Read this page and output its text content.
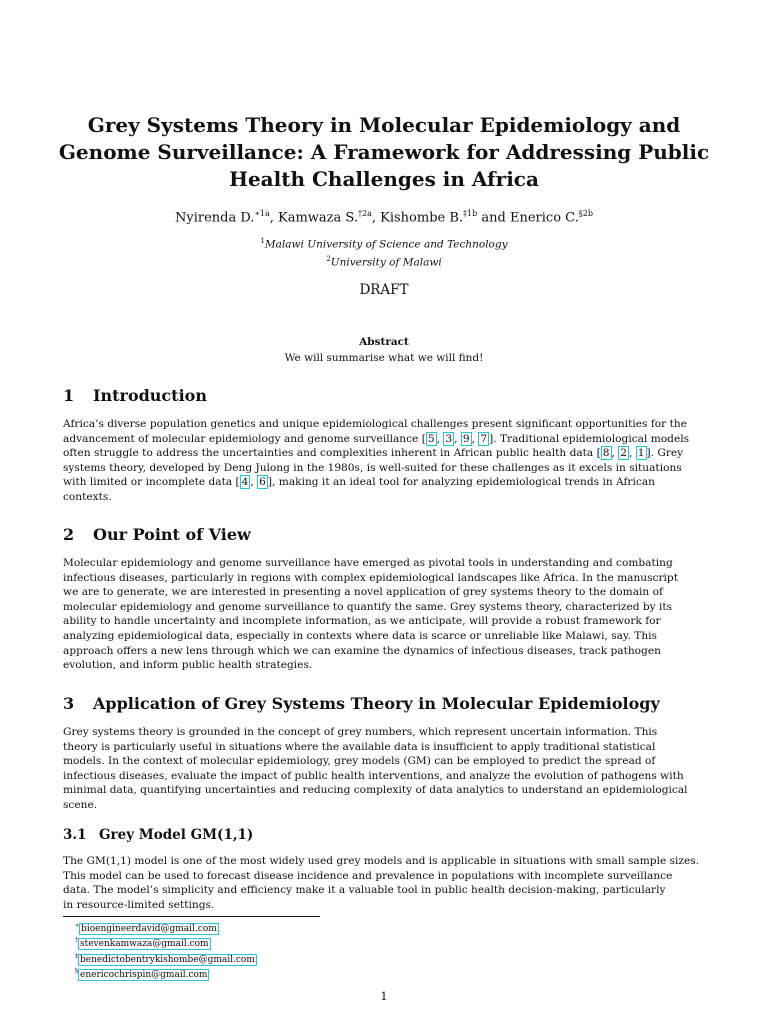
Grey Systems Theory in Molecular Epidemiology and
Genome Surveillance: A Framework for Addressing Public
Health Challenges in Africa
Nyirenda D.$^{∗1a}$, Kamwaza S.$^{\dagger 2a}$, Kishombe B.$^{\ddagger 1b}$ and Enerico C.$^{\S 2b}$
$^1$Malawi University of Science and Technology
$^2$University of Malawi
DRAFT
Abstract
We will summarise what we will find!
1 Introduction
Africa’s diverse population genetics and unique epidemiological challenges present significant opportunities for the
advancement of molecular epidemiology and genome surveillance [ 5 , 3 , 9 , 7 ]. Traditional epidemiological models
often struggle to address the uncertainties and complexities inherent in African public health data [ 8 , 2 , 1 ]. Grey
systems theory, developed by Deng Julong in the 1980s, is well-suited for these challenges as it excels in situations
with limited or incomplete data [ 4 , 6 ], making it an ideal tool for analyzing epidemiological trends in African
contexts.
2 Our Point of View
Molecular epidemiology and genome surveillance have emerged as pivotal tools in understanding and combating
infectious diseases, particularly in regions with complex epidemiological landscapes like Africa. In the manuscript
we are to generate, we are interested in presenting a novel application of grey systems theory to the domain of
molecular epidemiology and genome surveillance to quantify the same. Grey systems theory, characterized by its
ability to handle uncertainty and incomplete information, as we anticipate, will provide a robust framework for
analyzing epidemiological data, especially in contexts where data is scarce or unreliable like Malawi, say. This
approach offers a new lens through which we can examine the dynamics of infectious diseases, track pathogen
evolution, and inform public health strategies.
3 Application of Grey Systems Theory in Molecular Epidemiology
Grey systems theory is grounded in the concept of grey numbers, which represent uncertain information. This
theory is particularly useful in situations where the available data is insufficient to apply traditional statistical
models. In the context of molecular epidemiology, grey models (GM) can be employed to predict the spread of
infectious diseases, evaluate the impact of public health interventions, and analyze the evolution of pathogens with
minimal data, quantifying uncertainties and reducing complexity of data analytics to understand an epidemiological
scene.
3.1 Grey Model GM(1,1)
The GM(1,1) model is one of the most widely used grey models and is applicable in situations with small sample sizes.
This model can be used to forecast disease incidence and prevalence in populations with incomplete surveillance
data. The model’s simplicity and efficiency make it a valuable tool in public health decision-making, particularly
in resource-limited settings.
∗ bioengineerdavid@gmail.com
† stevenkamwaza@gmail.com
‡ benedictobentrykishombe@gmail.com
§ enericochrispin@gmail.com
1
